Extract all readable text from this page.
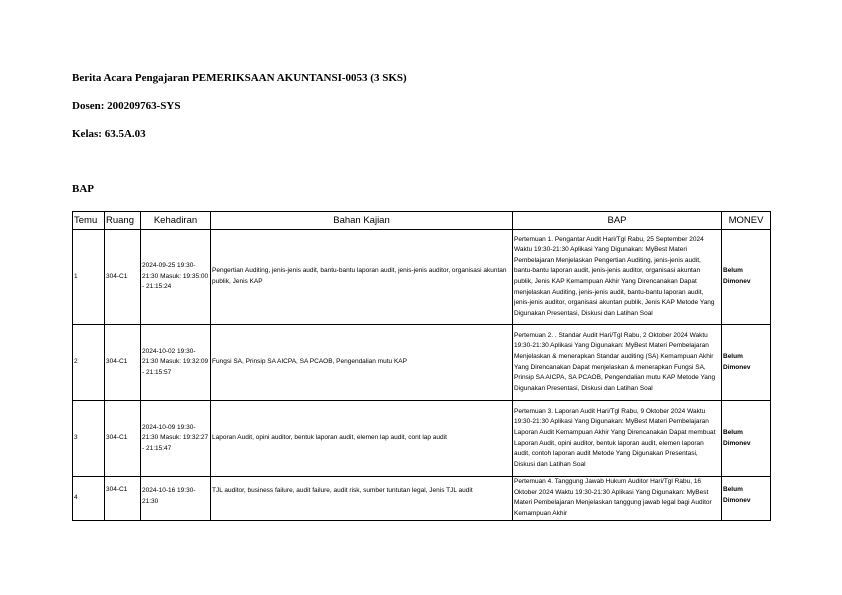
Berita Acara Pengajaran PEMERIKSAAN AKUNTANSI-0053 (3 SKS)
Dosen: 200209763-SYS
Kelas: 63.5A.03
BAP
Temu	Ruang	Kehadiran	Bahan Kajian	BAP	MONEV
1	304-C1	2024-09-25 19:30-21:30 Masuk: 19:35:00 - 21:15:24	Pengertian Auditing, jenis-jenis audit, bantu-bantu laporan audit, jenis-jenis auditor, organisasi akuntan publik, Jenis KAP	Pertemuan 1. Pengantar Audit Hari/Tgl Rabu, 25 September 2024 Waktu 19:30-21:30 Aplikasi Yang Digunakan: MyBest Materi Pembelajaran Menjelaskan Pengertian Auditing, jenis-jenis audit, bantu-bantu laporan audit, jenis-jenis auditor, organisasi akuntan publik, Jenis KAP Kemampuan Akhir Yang Direncanakan Dapat menjelaskan Auditing, jenis-jenis audit, bantu-bantu laporan audit, jenis-jenis auditor, organisasi akuntan publik, Jenis KAP Metode Yang Digunakan Presentasi, Diskusi dan Latihan Soal	Belum Dimonev
2	304-C1	2024-10-02 19:30-21:30 Masuk: 19:32:09 - 21:15:57	Fungsi SA, Prinsip SA AICPA, SA PCAOB, Pengendalian mutu KAP	Pertemuan 2. . Standar Audit Hari/Tgl Rabu, 2 Oktober 2024 Waktu 19:30-21:30 Aplikasi Yang Digunakan: MyBest Materi Pembelajaran Menjelaskan & menerapkan Standar auditing (SA) Kemampuan Akhir Yang Direncanakan Dapat menjelaskan & menerapkan Fungsi SA, Prinsip SA AICPA, SA PCAOB, Pengendalian mutu KAP Metode Yang Digunakan Presentasi, Diskusi dan Latihan Soal	Belum Dimonev
3	304-C1	2024-10-09 19:30-21:30 Masuk: 19:32:27 - 21:15:47	Laporan Audit, opini auditor, bentuk laporan audit, elemen lap audit, cont lap audit	Pertemuan 3. Laporan Audit Hari/Tgl Rabu, 9 Oktober 2024 Waktu 19:30-21:30 Aplikasi Yang Digunakan: MyBest Materi Pembelajaran Laporan Audit Kemampuan Akhir Yang Direncanakan Dapat membuat Laporan Audit, opini auditor, bentuk laporan audit, elemen laporan audit, contoh laporan audit Metode Yang Digunakan Presentasi, Diskusi dan Latihan Soal	Belum Dimonev
4	304-C1	2024-10-16 19:30-21:30	TJL auditor, business failure, audit failure, audit risk, sumber tuntutan legal, Jenis TJL audit	Pertemuan 4. Tanggung Jawab Hukum Auditor Hari/Tgl Rabu, 16 Oktober 2024 Waktu 19:30-21:30 Aplikasi Yang Digunakan: MyBest Materi Pembelajaran Menjelaskan tanggung jawab legal bagi Auditor Kemampuan Akhir	Belum Dimonev
